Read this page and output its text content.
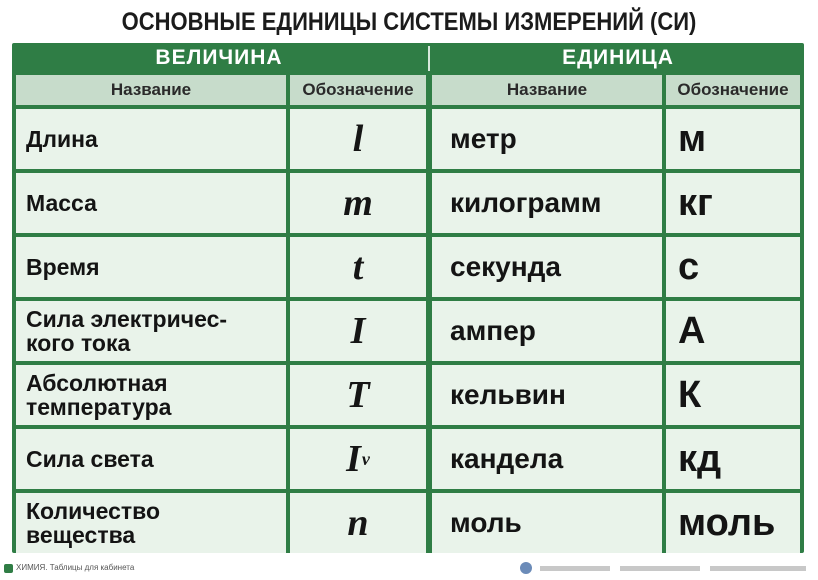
ОСНОВНЫЕ ЕДИНИЦЫ СИСТЕМЫ ИЗМЕРЕНИЙ (СИ)
ВЕЛИЧИНА	ЕДИНИЦА
Название	Обозначение	Название	Обозначение
Длина	l	метр	м
Масса	m	килограмм кг
Время	t	секунда	с
Сила электричес-
кого тока	I	ампер	А
Абсолютная
температура	T	кельвин	К
Сила света	I v	кандела	кд
Количество
вещества	n	моль	моль
ХИМИЯ. Таблицы для кабинета
